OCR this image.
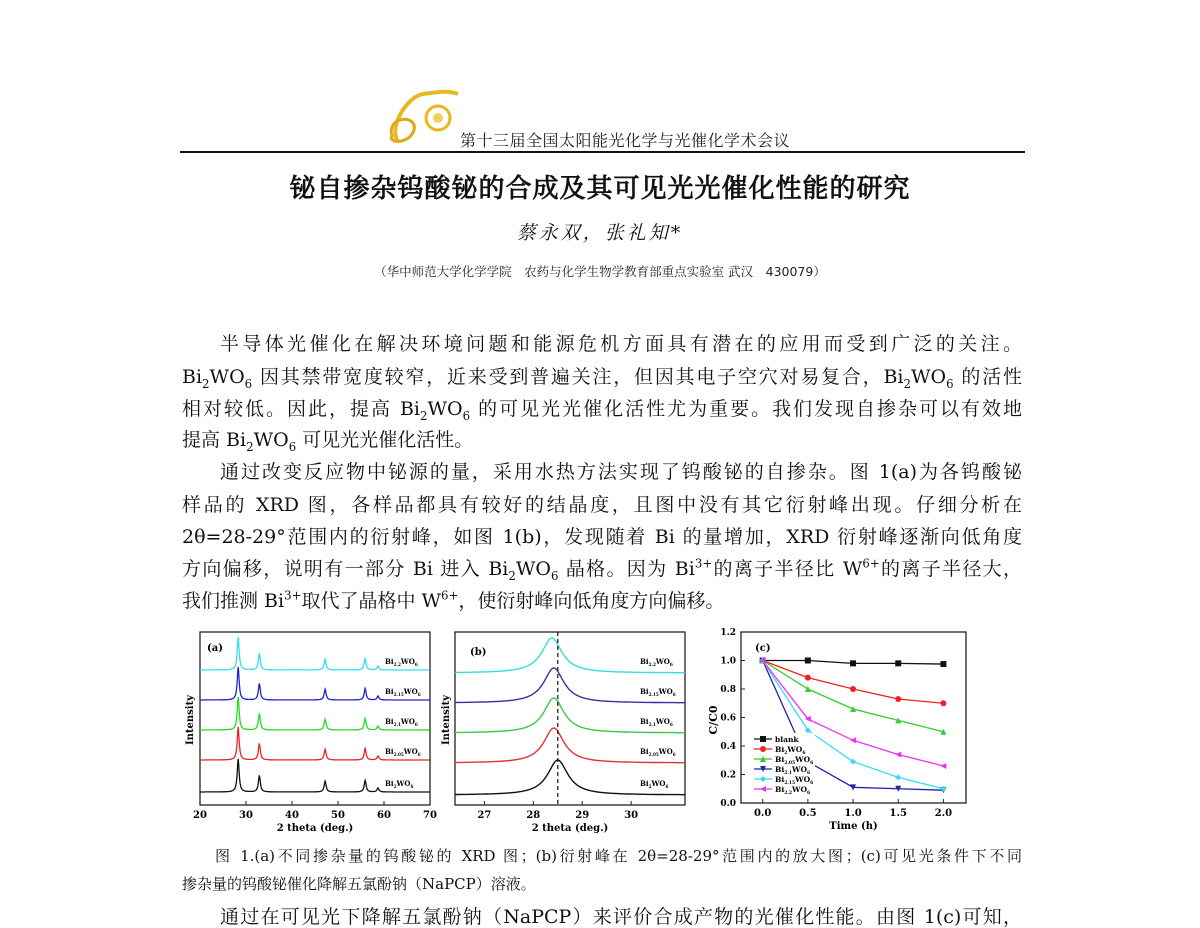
第十三届全国太阳能光化学与光催化学术会议
铋自掺杂钨酸铋的合成及其可见光光催化性能的研究
蔡永双，张礼知*
（华中师范大学化学学院　农药与化学生物学教育部重点实验室 武汉　430079）
半导体光催化在解决环境问题和能源危机方面具有潜在的应用而受到广泛的关注。
$Bi_2WO_6$ 因其禁带宽度较窄，近来受到普遍关注，但因其电子空穴对易复合，$Bi_2WO_6$ 的活性
相对较低。因此，提高 $Bi_2WO_6$ 的可见光光催化活性尤为重要。我们发现自掺杂可以有效地
提高 $Bi_2WO_6$ 可见光光催化活性。
通过改变反应物中铋源的量，采用水热方法实现了钨酸铋的自掺杂。图 1(a)为各钨酸铋
样品的 XRD 图，各样品都具有较好的结晶度，且图中没有其它衍射峰出现。仔细分析在
2θ=28-29°范围内的衍射峰，如图 1(b)，发现随着 Bi 的量增加，XRD 衍射峰逐渐向低角度
方向偏移，说明有一部分 Bi 进入 $Bi_2WO_6$ 晶格。因为 $Bi^{3+}$的离子半径比 $W^{6+}$的离子半径大，
我们推测 $Bi^{3+}$取代了晶格中 $W^{6+}$，使衍射峰向低角度方向偏移。
20	30	40	50	60	70
2 theta (deg.)
Intensity
(a)
$Bi_{2.2}WO_6$
$Bi_{2.15}WO_6$
$Bi_{2.1}WO_6$
$Bi_{2.05}WO_6$
$Bi_2WO_6$
27	28	29	30
2 theta (deg.)
Intensity
(b)
$Bi_{2.2}WO_6$
$Bi_{2.15}WO_6$
$Bi_{2.1}WO_6$
$Bi_{2.05}WO_6$
$Bi_2WO_6$
0.0	0.5	1.0	1.5	2.0
Time (h)
0.0
0.2
0.4
0.6
0.8
1.0
1.2
C/C0
(c)
blank
$Bi_2WO_6$
$Bi_{2.05}WO_6$
$Bi_{2.1}WO_6$
$Bi_{2.15}WO_6$
$Bi_{2.2}WO_6$
图 1.(a)不同掺杂量的钨酸铋的 XRD 图；(b)衍射峰在 2θ=28-29°范围内的放大图；(c)可见光条件下不同
掺杂量的钨酸铋催化降解五氯酚钠（NaPCP）溶液。
通过在可见光下降解五氯酚钠（NaPCP）来评价合成产物的光催化性能。由图 1(c)可知，
